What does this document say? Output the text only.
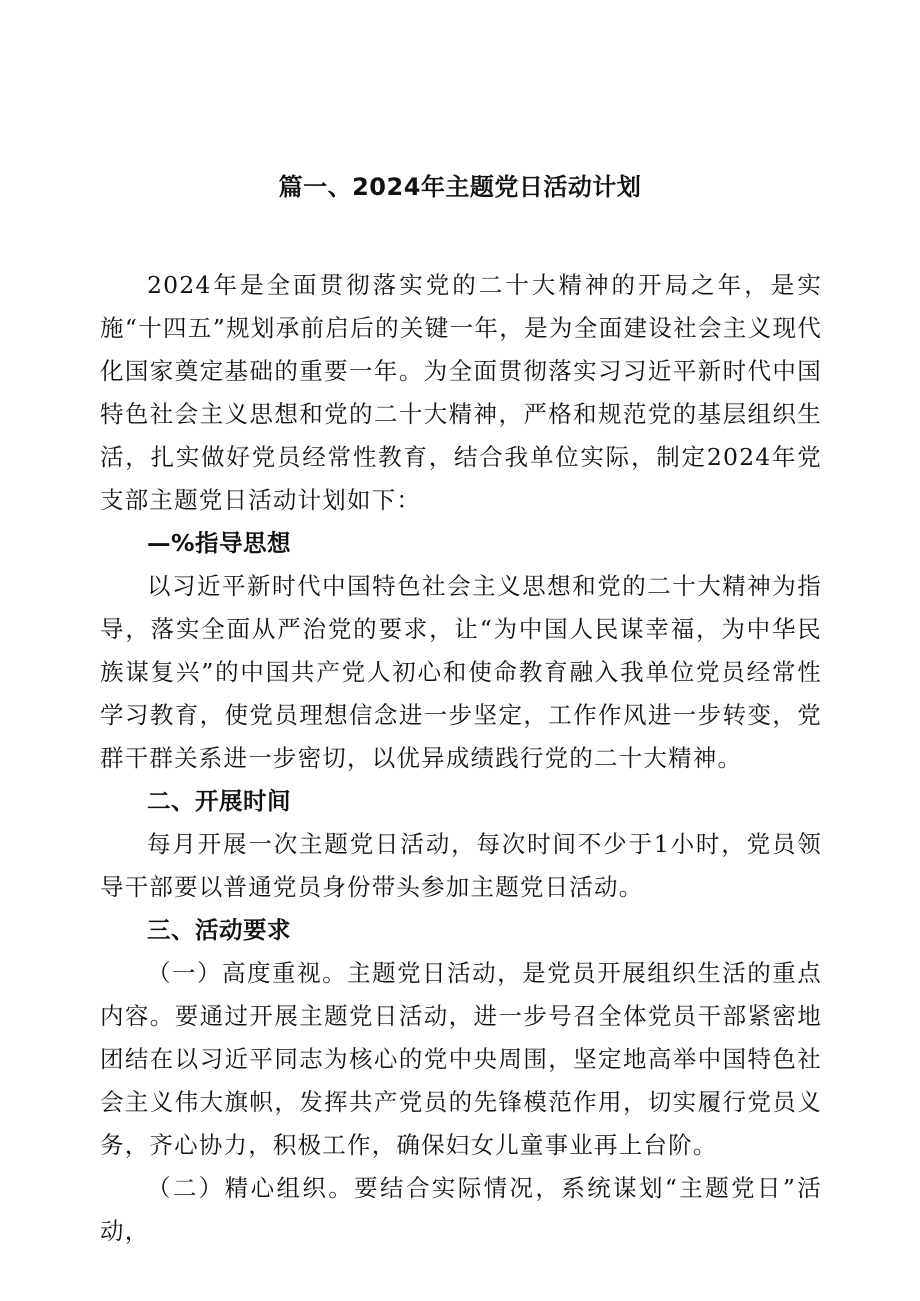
篇一、2024年主题党日活动计划

2024年是全面贯彻落实党的二十大精神的开局之年，是实施“十四五”规划承前启后的关键一年，是为全面建设社会主义现代化国家奠定基础的重要一年。为全面贯彻落实习习近平新时代中国特色社会主义思想和党的二十大精神，严格和规范党的基层组织生活，扎实做好党员经常性教育，结合我单位实际，制定2024年党支部主题党日活动计划如下：

—%指导思想

以习近平新时代中国特色社会主义思想和党的二十大精神为指导，落实全面从严治党的要求，让“为中国人民谋幸福，为中华民族谋复兴”的中国共产党人初心和使命教育融入我单位党员经常性学习教育，使党员理想信念进一步坚定，工作作风进一步转变，党群干群关系进一步密切，以优异成绩践行党的二十大精神。

二、开展时间

每月开展一次主题党日活动，每次时间不少于1小时，党员领导干部要以普通党员身份带头参加主题党日活动。

三、活动要求

（一）高度重视。主题党日活动，是党员开展组织生活的重点内容。要通过开展主题党日活动，进一步号召全体党员干部紧密地团结在以习近平同志为核心的党中央周围，坚定地高举中国特色社会主义伟大旗帜，发挥共产党员的先锋模范作用，切实履行党员义务，齐心协力，积极工作，确保妇女儿童事业再上台阶。

（二）精心组织。要结合实际情况，系统谋划“主题党日”活动，
